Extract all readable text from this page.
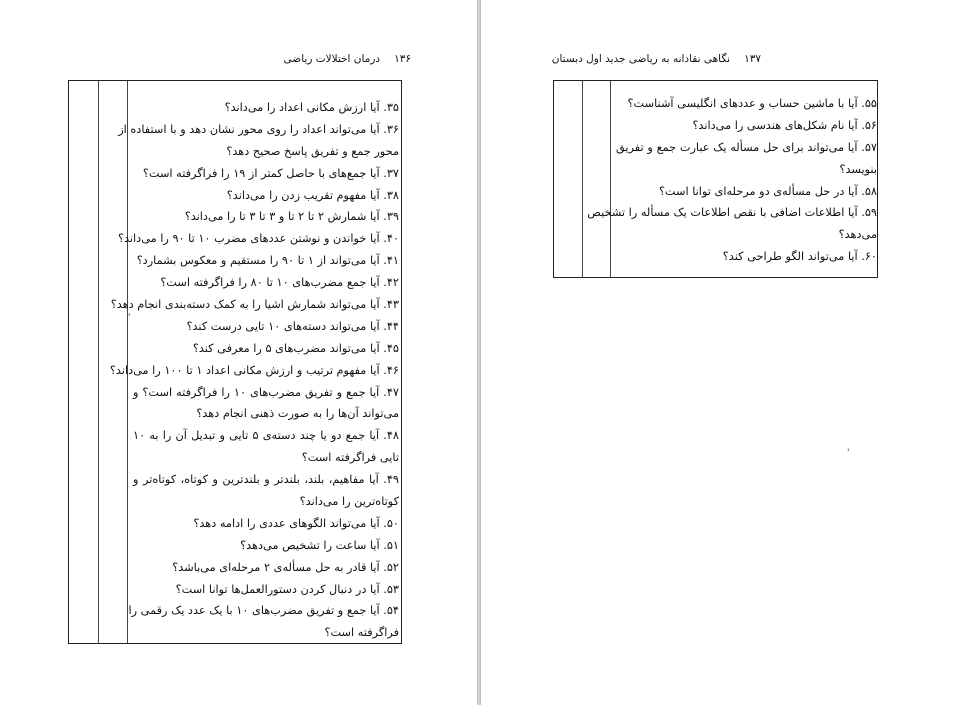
۱۳۶
درمان اختلالات ریاضی
۳۵. آیا ارزش مکانی اعداد را می‌داند؟
۳۶. آیا می‌تواند اعداد را روی محور نشان دهد و با استفاده از
محور جمع و تفریق پاسخ صحیح دهد؟
۳۷. آیا جمع‌های با حاصل کمتر از ۱۹ را فراگرفته است؟
۳۸. آیا مفهوم تقریب زدن را می‌داند؟
۳۹. آیا شمارش ۲ تا ۲ تا و ۳ تا ۳ تا را می‌داند؟
۴۰. آیا خواندن و نوشتن عددهای مضرب ۱۰ تا ۹۰ را می‌داند؟
۴۱. آیا می‌تواند از ۱ تا ۹۰ را مستقیم و معکوس بشمارد؟
۴۲. آیا جمع مضرب‌های ۱۰ تا ۸۰ را فراگرفته است؟
۴۳. آیا می‌تواند شمارش اشیا را به کمک دسته‌بندی انجام دهد؟
۴۴. آیا می‌تواند دسته‌های ۱۰ تایی درست کند؟
۴۵. آیا می‌تواند مضرب‌های ۵ را معرفی کند؟
۴۶. آیا مفهوم ترتیب و ارزش مکانی اعداد ۱ تا ۱۰۰ را می‌داند؟
۴۷. آیا جمع و تفریق مضرب‌های ۱۰ را فراگرفته است؟ و
می‌تواند آن‌ها را به صورت ذهنی انجام دهد؟
۴۸. آیا جمع دو یا چند دسته‌ی ۵ تایی و تبدیل آن را به ۱۰
تایی فراگرفته است؟
۴۹. آیا مفاهیم، بلند، بلندتر و بلندترین و کوتاه، کوتاه‌تر و
کوتاه‌ترین را می‌داند؟
۵۰. آیا می‌تواند الگوهای عددی را ادامه دهد؟
۵۱. آیا ساعت را تشخیص می‌دهد؟
۵۲. آیا قادر به حل مسأله‌ی ۲ مرحله‌ای می‌باشد؟
۵۳. آیا در دنبال کردن دستورالعمل‌ها توانا است؟
۵۴. آیا جمع و تفریق مضرب‌های ۱۰ با یک عدد یک رقمی را
فراگرفته است؟
'
۱۳۷
نگاهی نقادانه به ریاضی جدید اول دبستان
۵۵. آیا با ماشین حساب و عددهای انگلیسی آشناست؟
۵۶. آیا نام شکل‌های هندسی را می‌داند؟
۵۷. آیا می‌تواند برای حل مسأله یک عبارت جمع و تفریق
بنویسد؟
۵۸. آیا در حل مسأله‌ی دو مرحله‌ای توانا است؟
۵۹. آیا اطلاعات اضافی با نقص اطلاعات یک مسأله را تشخیص
می‌دهد؟
۶۰. آیا می‌تواند الگو طراحی کند؟
'
